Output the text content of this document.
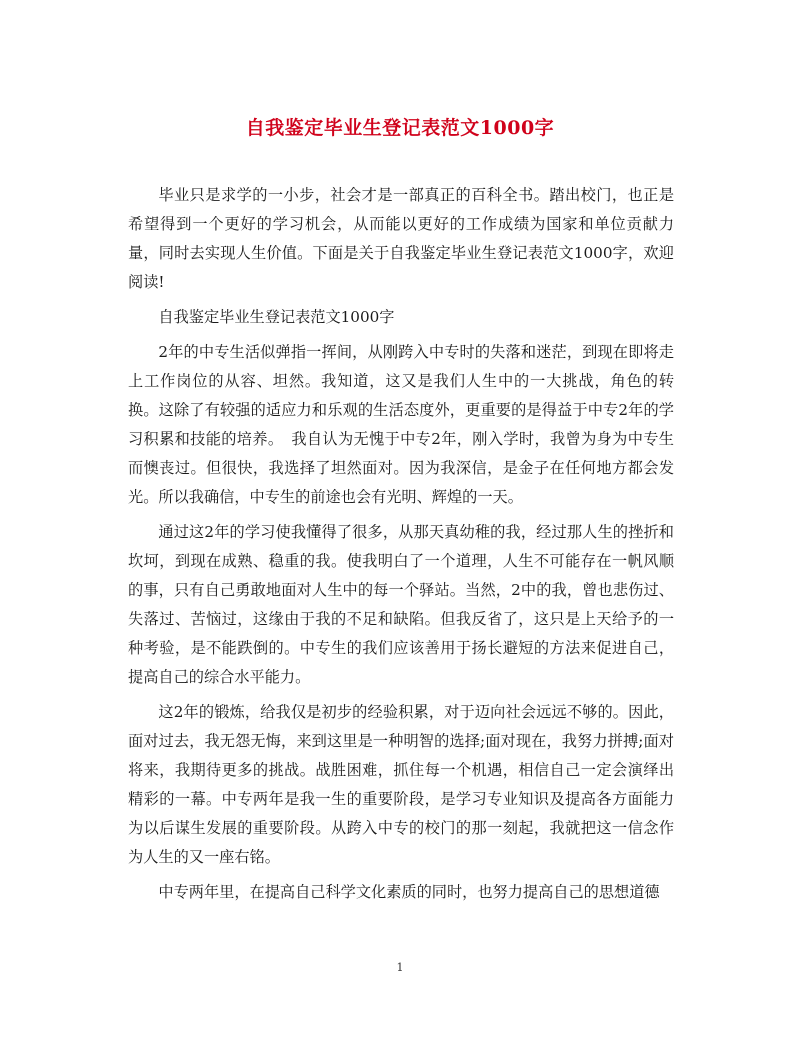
自我鉴定毕业生登记表范文1000字

毕业只是求学的一小步，社会才是一部真正的百科全书。踏出校门，也正是希望得到一个更好的学习机会，从而能以更好的工作成绩为国家和单位贡献力量，同时去实现人生价值。下面是关于自我鉴定毕业生登记表范文1000字，欢迎阅读!

自我鉴定毕业生登记表范文1000字

2年的中专生活似弹指一挥间，从刚跨入中专时的失落和迷茫，到现在即将走上工作岗位的从容、坦然。我知道，这又是我们人生中的一大挑战，角色的转换。这除了有较强的适应力和乐观的生活态度外，更重要的是得益于中专2年的学习积累和技能的培养。　我自认为无愧于中专2年，刚入学时，我曾为身为中专生而懊丧过。但很快，我选择了坦然面对。因为我深信，是金子在任何地方都会发光。所以我确信，中专生的前途也会有光明、辉煌的一天。

通过这2年的学习使我懂得了很多，从那天真幼稚的我，经过那人生的挫折和坎坷，到现在成熟、稳重的我。使我明白了一个道理，人生不可能存在一帆风顺的事，只有自己勇敢地面对人生中的每一个驿站。当然，2中的我，曾也悲伤过、失落过、苦恼过，这缘由于我的不足和缺陷。但我反省了，这只是上天给予的一种考验，是不能跌倒的。中专生的我们应该善用于扬长避短的方法来促进自己，提高自己的综合水平能力。

这2年的锻炼，给我仅是初步的经验积累，对于迈向社会远远不够的。因此，面对过去，我无怨无悔，来到这里是一种明智的选择;面对现在，我努力拼搏;面对将来，我期待更多的挑战。战胜困难，抓住每一个机遇，相信自己一定会演绎出精彩的一幕。中专两年是我一生的重要阶段，是学习专业知识及提高各方面能力为以后谋生发展的重要阶段。从跨入中专的校门的那一刻起，我就把这一信念作为人生的又一座右铭。

中专两年里，在提高自己科学文化素质的同时，也努力提高自己的思想道德

1
